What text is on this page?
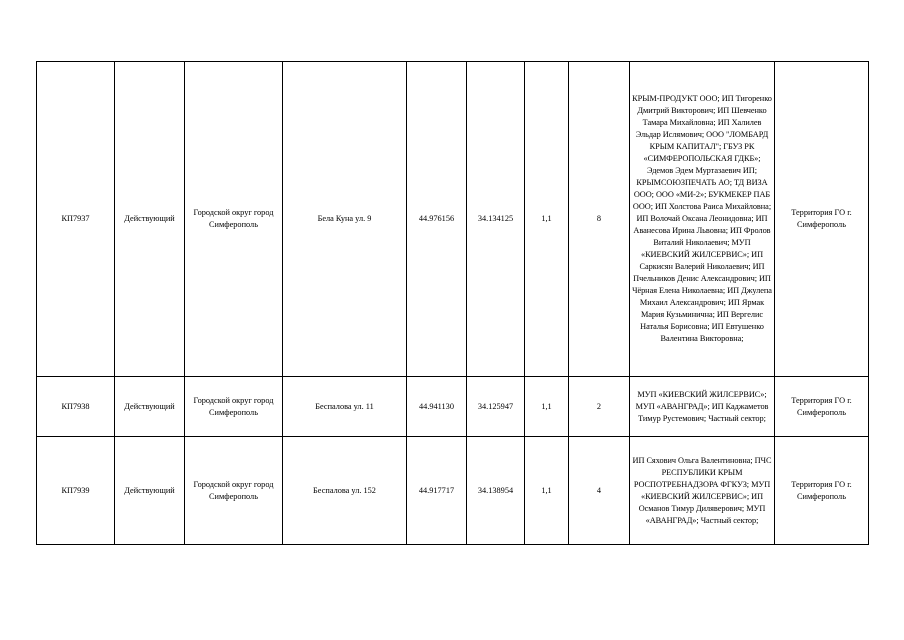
КП7937	Действующий	Городской округ город Симферополь	Бела Куна ул. 9	44.976156	34.134125	1,1	8	КРЫМ-ПРОДУКТ ООО; ИП Тигоренко Дмитрий Викторович; ИП Шевченко Тамара Михайловна; ИП Халилев Эльдар Ислямович; ООО "ЛОМБАРД КРЫМ КАПИТАЛ"; ГБУЗ РК «СИМФЕРОПОЛЬСКАЯ ГДКБ»; Эдемов Эдем Муртазаевич ИП; КРЫМСОЮЗПЕЧАТЬ АО; ТД ВИЗА ООО; ООО «МИ-2»; БУКМЕКЕР ПАБ ООО; ИП Холстова Раиса Михайловна; ИП Волочай Оксана Леонидовна; ИП Аванесова Ирина Львовна; ИП Фролов Виталий Николаевич; МУП «КИЕВСКИЙ ЖИЛСЕРВИС»; ИП Саркисян Валерий Николаевич; ИП Пчельников Денис Александрович; ИП Чёрная Елена Николаевна; ИП Джулепа Михаил Александрович; ИП Ярмак Мария Кузьминична; ИП Вергелис Наталья Борисовна; ИП Евтушенко Валентина Викторовна;	Территория ГО г. Симферополь
КП7938	Действующий	Городской округ город Симферополь	Беспалова ул. 11	44.941130	34.125947	1,1	2	МУП «КИЕВСКИЙ ЖИЛСЕРВИС»; МУП «АВАНГРАД»; ИП Каджаметов Тимур Рустемович; Частный сектор;	Территория ГО г. Симферополь
КП7939	Действующий	Городской округ город Симферополь	Беспалова ул. 152	44.917717	34.138954	1,1	4	ИП Сяхович Ольга Валентиновна; ПЧС РЕСПУБЛИКИ КРЫМ РОСПОТРЕБНАДЗОРА ФГКУЗ; МУП «КИЕВСКИЙ ЖИЛСЕРВИС»; ИП Османов Тимур Диляверович; МУП «АВАНГРАД»; Частный сектор;	Территория ГО г. Симферополь
